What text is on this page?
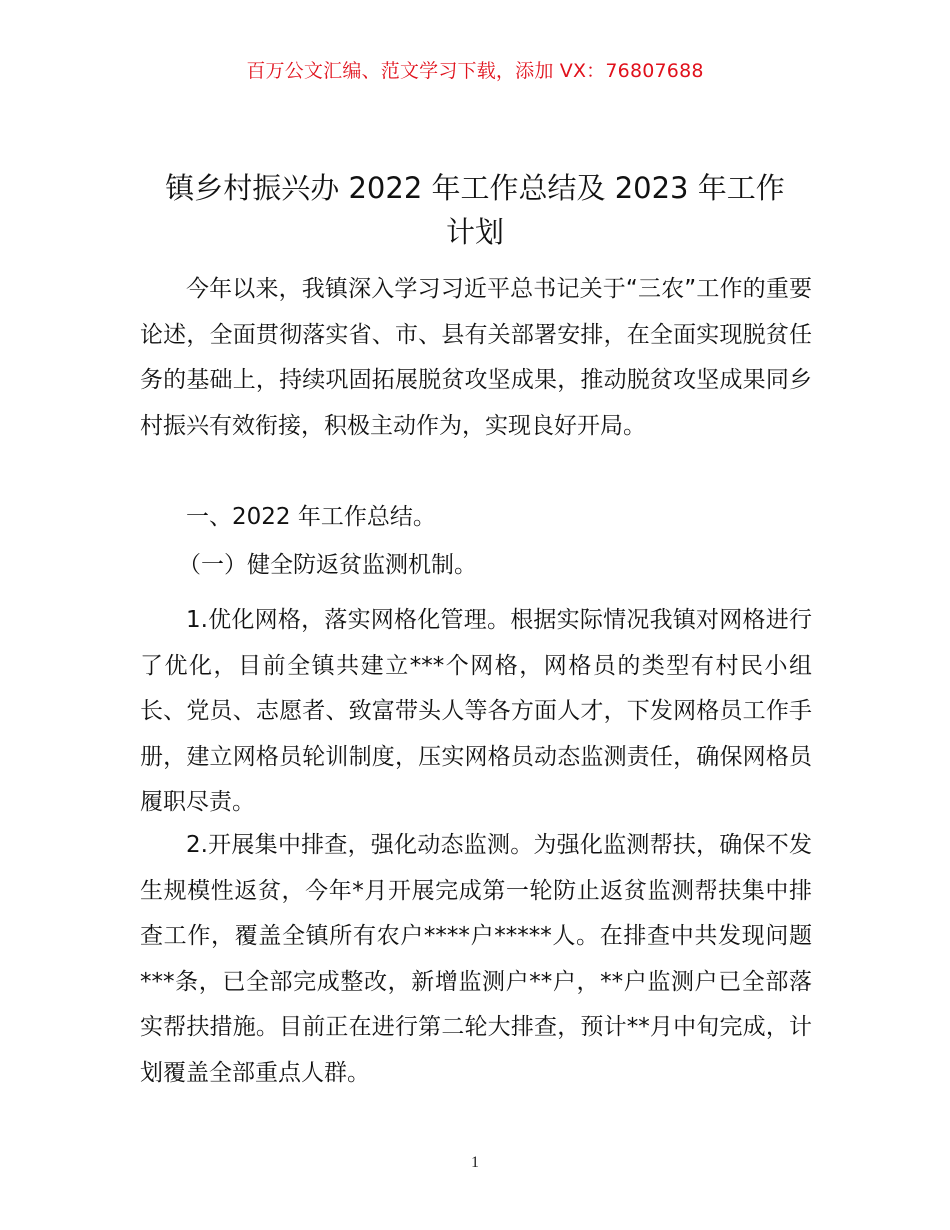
百万公文汇编、范文学习下载，添加 VX：76807688
镇乡村振兴办 2022 年工作总结及 2023 年工作
计划

今年以来，我镇深入学习习近平总书记关于“三农”工作的重要论述，全面贯彻落实省、市、县有关部署安排，在全面实现脱贫任务的基础上，持续巩固拓展脱贫攻坚成果，推动脱贫攻坚成果同乡村振兴有效衔接，积极主动作为，实现良好开局。

一、2022 年工作总结。

（一）健全防返贫监测机制。

1.优化网格，落实网格化管理。根据实际情况我镇对网格进行了优化，目前全镇共建立***个网格，网格员的类型有村民小组长、党员、志愿者、致富带头人等各方面人才，下发网格员工作手册，建立网格员轮训制度，压实网格员动态监测责任，确保网格员履职尽责。

2.开展集中排查，强化动态监测。为强化监测帮扶，确保不发生规模性返贫，今年*月开展完成第一轮防止返贫监测帮扶集中排查工作，覆盖全镇所有农户****户*****人。在排查中共发现问题***条，已全部完成整改，新增监测户**户，**户监测户已全部落实帮扶措施。目前正在进行第二轮大排查，预计**月中旬完成，计划覆盖全部重点人群。

1
